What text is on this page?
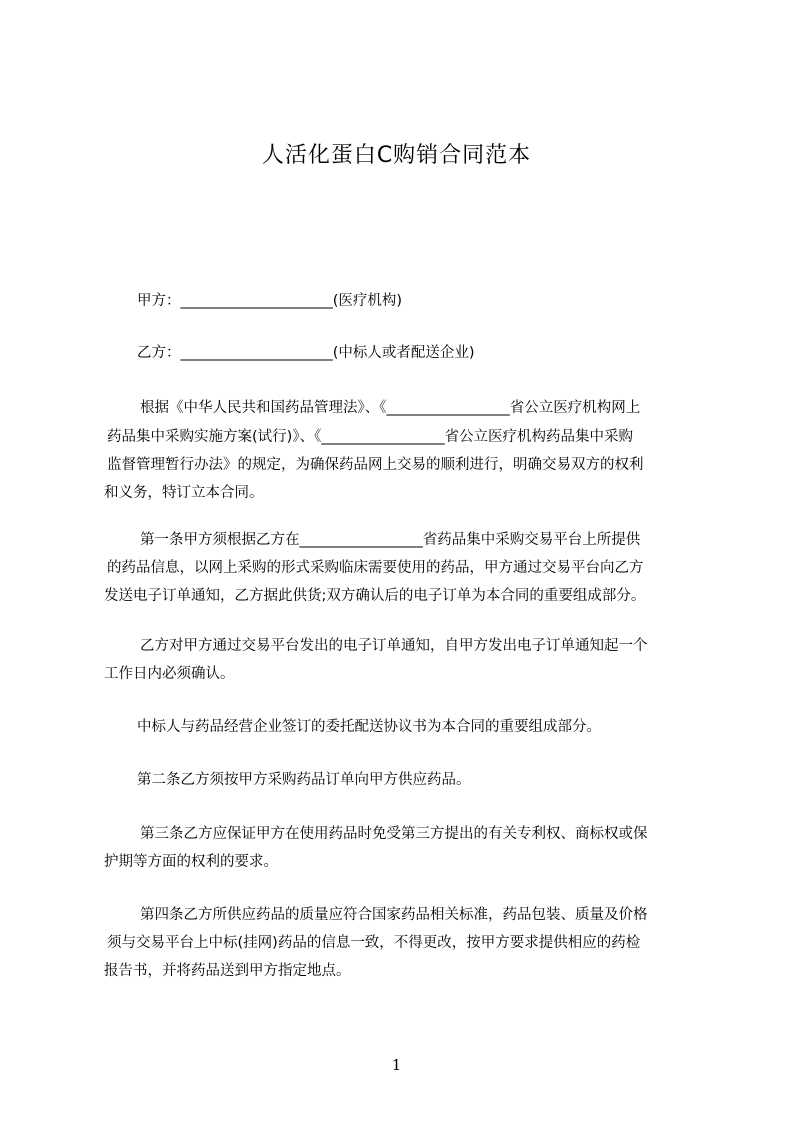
人活化蛋白C购销合同范本
甲方：_____________________(医疗机构)
乙方：_____________________(中标人或者配送企业)
根据《中华人民共和国药品管理法》、《_________________省公立医疗机构网上
药品集中采购实施方案(试行)》、《_________________省公立医疗机构药品集中采购
监督管理暂行办法》的规定，为确保药品网上交易的顺利进行，明确交易双方的权利
和义务，特订立本合同。
第一条甲方须根据乙方在_________________省药品集中采购交易平台上所提供
的药品信息，以网上采购的形式采购临床需要使用的药品，甲方通过交易平台向乙方
发送电子订单通知，乙方据此供货;双方确认后的电子订单为本合同的重要组成部分。
乙方对甲方通过交易平台发出的电子订单通知，自甲方发出电子订单通知起一个
工作日内必须确认。
中标人与药品经营企业签订的委托配送协议书为本合同的重要组成部分。
第二条乙方须按甲方采购药品订单向甲方供应药品。
第三条乙方应保证甲方在使用药品时免受第三方提出的有关专利权、商标权或保
护期等方面的权利的要求。
第四条乙方所供应药品的质量应符合国家药品相关标准，药品包装、质量及价格
须与交易平台上中标(挂网)药品的信息一致，不得更改，按甲方要求提供相应的药检
报告书，并将药品送到甲方指定地点。
1
